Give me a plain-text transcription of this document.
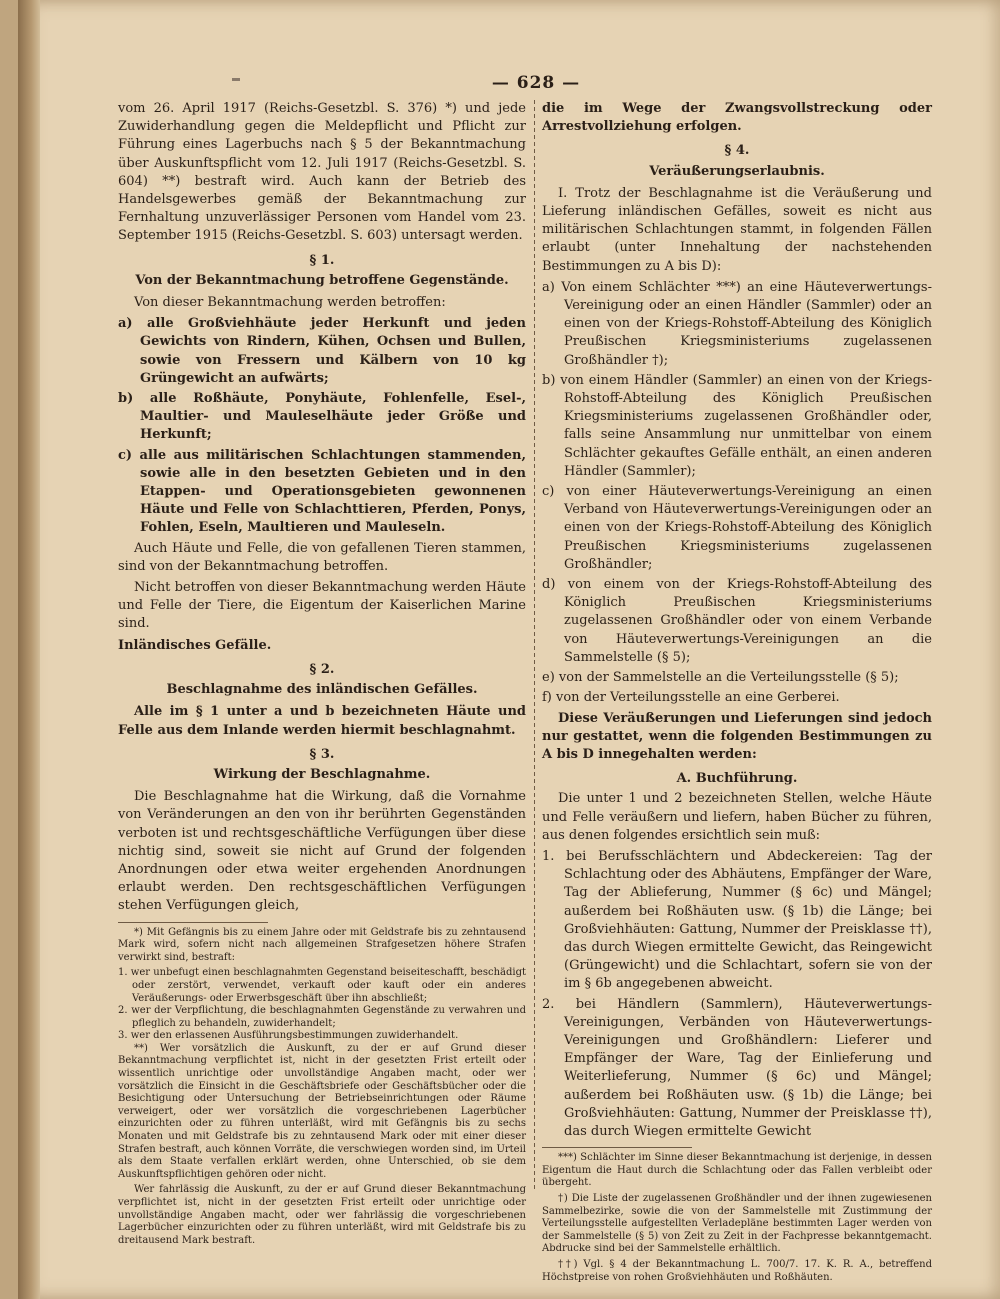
— 628 —

vom 26. April 1917 (Reichs-Gesetzbl. S. 376) *) und jede Zuwiderhandlung gegen die Meldepflicht und Pflicht zur Führung eines Lagerbuchs nach § 5 der Bekanntmachung über Auskunftspflicht vom 12. Juli 1917 (Reichs-Gesetzbl. S. 604) **) bestraft wird. Auch kann der Betrieb des Handelsgewerbes gemäß der Bekanntmachung zur Fernhaltung unzuverlässiger Personen vom Handel vom 23. September 1915 (Reichs-Gesetzbl. S. 603) untersagt werden.

§ 1.
Von der Bekanntmachung betroffene Gegenstände.

Von dieser Bekanntmachung werden betroffen:

a) alle Großviehhäute jeder Herkunft und jeden Gewichts von Rindern, Kühen, Ochsen und Bullen, sowie von Fressern und Kälbern von 10 kg Grüngewicht an aufwärts;

b) alle Roßhäute, Ponyhäute, Fohlenfelle, Esel-, Maultier- und Mauleselhäute jeder Größe und Herkunft;

c) alle aus militärischen Schlachtungen stammenden, sowie alle in den besetzten Gebieten und in den Etappen- und Operationsgebieten gewonnenen Häute und Felle von Schlachttieren, Pferden, Ponys, Fohlen, Eseln, Maultieren und Mauleseln.

Auch Häute und Felle, die von gefallenen Tieren stammen, sind von der Bekanntmachung betroffen.

Nicht betroffen von dieser Bekanntmachung werden Häute und Felle der Tiere, die Eigentum der Kaiserlichen Marine sind.

Inländisches Gefälle.
§ 2.
Beschlagnahme des inländischen Gefälles.

Alle im § 1 unter a und b bezeichneten Häute und Felle aus dem Inlande werden hiermit beschlagnahmt.

§ 3.
Wirkung der Beschlagnahme.

Die Beschlagnahme hat die Wirkung, daß die Vornahme von Veränderungen an den von ihr berührten Gegenständen verboten ist und rechtsgeschäftliche Verfügungen über diese nichtig sind, soweit sie nicht auf Grund der folgenden Anordnungen oder etwa weiter ergehenden Anordnungen erlaubt werden. Den rechtsgeschäftlichen Verfügungen stehen Verfügungen gleich,

*) Mit Gefängnis bis zu einem Jahre oder mit Geldstrafe bis zu zehntausend Mark wird, sofern nicht nach allgemeinen Strafgesetzen höhere Strafen verwirkt sind, bestraft:

1. wer unbefugt einen beschlagnahmten Gegenstand beiseiteschafft, beschädigt oder zerstört, verwendet, verkauft oder kauft oder ein anderes Veräußerungs- oder Erwerbsgeschäft über ihn abschließt;

2. wer der Verpflichtung, die beschlagnahmten Gegenstände zu verwahren und pfleglich zu behandeln, zuwiderhandelt;

3. wer den erlassenen Ausführungsbestimmungen zuwiderhandelt.

**) Wer vorsätzlich die Auskunft, zu der er auf Grund dieser Bekanntmachung verpflichtet ist, nicht in der gesetzten Frist erteilt oder wissentlich unrichtige oder unvollständige Angaben macht, oder wer vorsätzlich die Einsicht in die Geschäftsbriefe oder Geschäftsbücher oder die Besichtigung oder Untersuchung der Betriebseinrichtungen oder Räume verweigert, oder wer vorsätzlich die vorgeschriebenen Lagerbücher einzurichten oder zu führen unterläßt, wird mit Gefängnis bis zu sechs Monaten und mit Geldstrafe bis zu zehntausend Mark oder mit einer dieser Strafen bestraft, auch können Vorräte, die verschwiegen worden sind, im Urteil als dem Staate verfallen erklärt werden, ohne Unterschied, ob sie dem Auskunftspflichtigen gehören oder nicht.

Wer fahrlässig die Auskunft, zu der er auf Grund dieser Bekanntmachung verpflichtet ist, nicht in der gesetzten Frist erteilt oder unrichtige oder unvollständige Angaben macht, oder wer fahrlässig die vorgeschriebenen Lagerbücher einzurichten oder zu führen unterläßt, wird mit Geldstrafe bis zu dreitausend Mark bestraft.

die im Wege der Zwangsvollstreckung oder Arrestvollziehung erfolgen.

§ 4.
Veräußerungserlaubnis.

I. Trotz der Beschlagnahme ist die Veräußerung und Lieferung inländischen Gefälles, soweit es nicht aus militärischen Schlachtungen stammt, in folgenden Fällen erlaubt (unter Innehaltung der nachstehenden Bestimmungen zu A bis D):

a) Von einem Schlächter ***) an eine Häuteverwertungs-Vereinigung oder an einen Händler (Sammler) oder an einen von der Kriegs-Rohstoff-Abteilung des Königlich Preußischen Kriegsministeriums zugelassenen Großhändler †);

b) von einem Händler (Sammler) an einen von der Kriegs-Rohstoff-Abteilung des Königlich Preußischen Kriegsministeriums zugelassenen Großhändler oder, falls seine Ansammlung nur unmittelbar von einem Schlächter gekauftes Gefälle enthält, an einen anderen Händler (Sammler);

c) von einer Häuteverwertungs-Vereinigung an einen Verband von Häuteverwertungs-Vereinigungen oder an einen von der Kriegs-Rohstoff-Abteilung des Königlich Preußischen Kriegsministeriums zugelassenen Großhändler;

d) von einem von der Kriegs-Rohstoff-Abteilung des Königlich Preußischen Kriegsministeriums zugelassenen Großhändler oder von einem Verbande von Häuteverwertungs-Vereinigungen an die Sammelstelle (§ 5);

e) von der Sammelstelle an die Verteilungsstelle (§ 5);

f) von der Verteilungsstelle an eine Gerberei.

Diese Veräußerungen und Lieferungen sind jedoch nur gestattet, wenn die folgenden Bestimmungen zu A bis D innegehalten werden:

A. Buchführung.

Die unter 1 und 2 bezeichneten Stellen, welche Häute und Felle veräußern und liefern, haben Bücher zu führen, aus denen folgendes ersichtlich sein muß:

1. bei Berufsschlächtern und Abdeckereien: Tag der Schlachtung oder des Abhäutens, Empfänger der Ware, Tag der Ablieferung, Nummer (§ 6c) und Mängel; außerdem bei Roßhäuten usw. (§ 1b) die Länge; bei Großviehhäuten: Gattung, Nummer der Preisklasse ††), das durch Wiegen ermittelte Gewicht, das Reingewicht (Grüngewicht) und die Schlachtart, sofern sie von der im § 6b angegebenen abweicht.

2. bei Händlern (Sammlern), Häuteverwertungs-Vereinigungen, Verbänden von Häuteverwertungs-Vereinigungen und Großhändlern: Lieferer und Empfänger der Ware, Tag der Einlieferung und Weiterlieferung, Nummer (§ 6c) und Mängel; außerdem bei Roßhäuten usw. (§ 1b) die Länge; bei Großviehhäuten: Gattung, Nummer der Preisklasse ††), das durch Wiegen ermittelte Gewicht

***) Schlächter im Sinne dieser Bekanntmachung ist derjenige, in dessen Eigentum die Haut durch die Schlachtung oder das Fallen verbleibt oder übergeht.

†) Die Liste der zugelassenen Großhändler und der ihnen zugewiesenen Sammelbezirke, sowie die von der Sammelstelle mit Zustimmung der Verteilungsstelle aufgestellten Verladepläne bestimmten Lager werden von der Sammelstelle (§ 5) von Zeit zu Zeit in der Fachpresse bekanntgemacht. Abdrucke sind bei der Sammelstelle erhältlich.

††) Vgl. § 4 der Bekanntmachung L. 700/7. 17. K. R. A., betreffend Höchstpreise von rohen Großviehhäuten und Roßhäuten.
